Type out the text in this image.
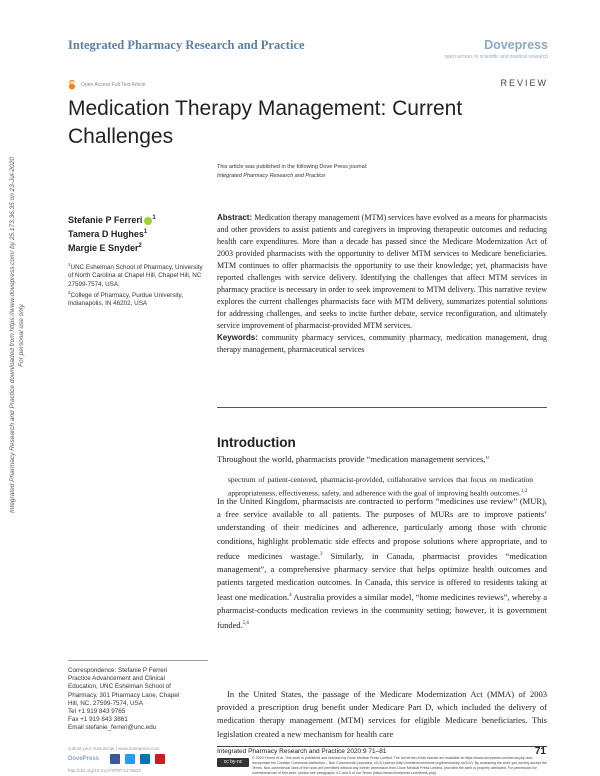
Integrated Pharmacy Research and Practice	Dovepress
open access to scientific and medical research
REVIEW
Open Access Full Text Article
Medication Therapy Management: Current Challenges
This article was published in the following Dove Press journal:
Integrated Pharmacy Research and Practice
Integrated Pharmacy Research and Practice downloaded from https://www.dovepress.com/ by 25.173.36.35 on 23-Jul-2020 For personal use only.
Stefanie P Ferreri $^1$
Tamera D Hughes$^1$
Margie E Snyder$^2$
$^1$UNC Eshelman School of Pharmacy, University of North Carolina at Chapel Hill, Chapel Hill, NC 27599-7574, USA;
$^2$College of Pharmacy, Purdue University, Indianapolis, IN 46202, USA
Abstract: Medication therapy management (MTM) services have evolved as a means for pharmacists and other providers to assist patients and caregivers in improving therapeutic outcomes and reducing health care expenditures. More than a decade has passed since the Medicare Modernization Act of 2003 provided pharmacists with the opportunity to deliver MTM services to Medicare beneficiaries. MTM continues to offer pharmacists the opportunity to use their knowledge; yet, pharmacists have reported challenges with service delivery. Identifying the challenges that affect MTM services in pharmacy practice is necessary in order to seek improvement to MTM delivery. This narrative review explores the current challenges pharmacists face with MTM delivery, summarizes potential solutions for addressing challenges, and seeks to incite further debate, service reconfiguration, and ultimately service improvement of pharmacist-provided MTM services.
Keywords: community pharmacy services, community pharmacy, medication management, drug therapy management, pharmaceutical services
Introduction

Throughout the world, pharmacists provide “medication management services,”

spectrum of patient-centered, pharmacist-provided, collaborative services that focus on medication appropriateness, effectiveness, safety, and adherence with the goal of improving health outcomes.$^{1,2}$

In the United Kingdom, pharmacists are contracted to perform “medicines use review” (MUR), a free service available to all patients. The purposes of MURs are to improve patients’ understanding of their medicines and adherence, particularly among those with chronic conditions, highlight problematic side effects and propose solutions where appropriate, and to reduce medicines wastage.$^3$ Similarly, in Canada, pharmacist provides “medication management”, a comprehensive pharmacy service that helps optimize health outcomes and patients targeted medication outcomes. In Canada, this service is offered to residents taking at least one medication.$^4$ Australia provides a similar model, “home medicines reviews”, whereby a pharmacist-conducts medication reviews in the community setting; however, it is government funded.$^{5,6}$

In the United States, the passage of the Medicare Modernization Act (MMA) of 2003 provided a prescription drug benefit under Medicare Part D, which included the delivery of medication therapy management (MTM) services for eligible Medicare beneficiaries. This legislation created a new mechanism for health care

Correspondence: Stefanie P Ferreri
Practice Advancement and Clinical
Education, UNC Eshelman School of
Pharmacy, 301 Pharmacy Lane, Chapel
Hill, NC, 27599-7574, USA
Tel +1 919 843 9765
Fax +1 919 843 3861
Email stefanie_ferreri@unc.edu
submit your manuscript | www.dovepress.com
DovePress
http://doi.org/10.2147/IPRP.S178633
Integrated Pharmacy Research and Practice 2020:9 71–81	71
cc by-nc
© 2020 Ferreri et al. This work is published and licensed by Dove Medical Press Limited. The full terms of this license are available at https://www.dovepress.com/terms.php and incorporate the Creative Commons Attribution – Non Commercial (unported, v3.0) License (http://creativecommons.org/licenses/by-nc/3.0/). By accessing the work you hereby accept the Terms. Non-commercial uses of the work are permitted without any further permission from Dove Medical Press Limited, provided the work is properly attributed. For permission for commercial use of this work, please see paragraphs 4.2 and 5 of our Terms (https://www.dovepress.com/terms.php).
